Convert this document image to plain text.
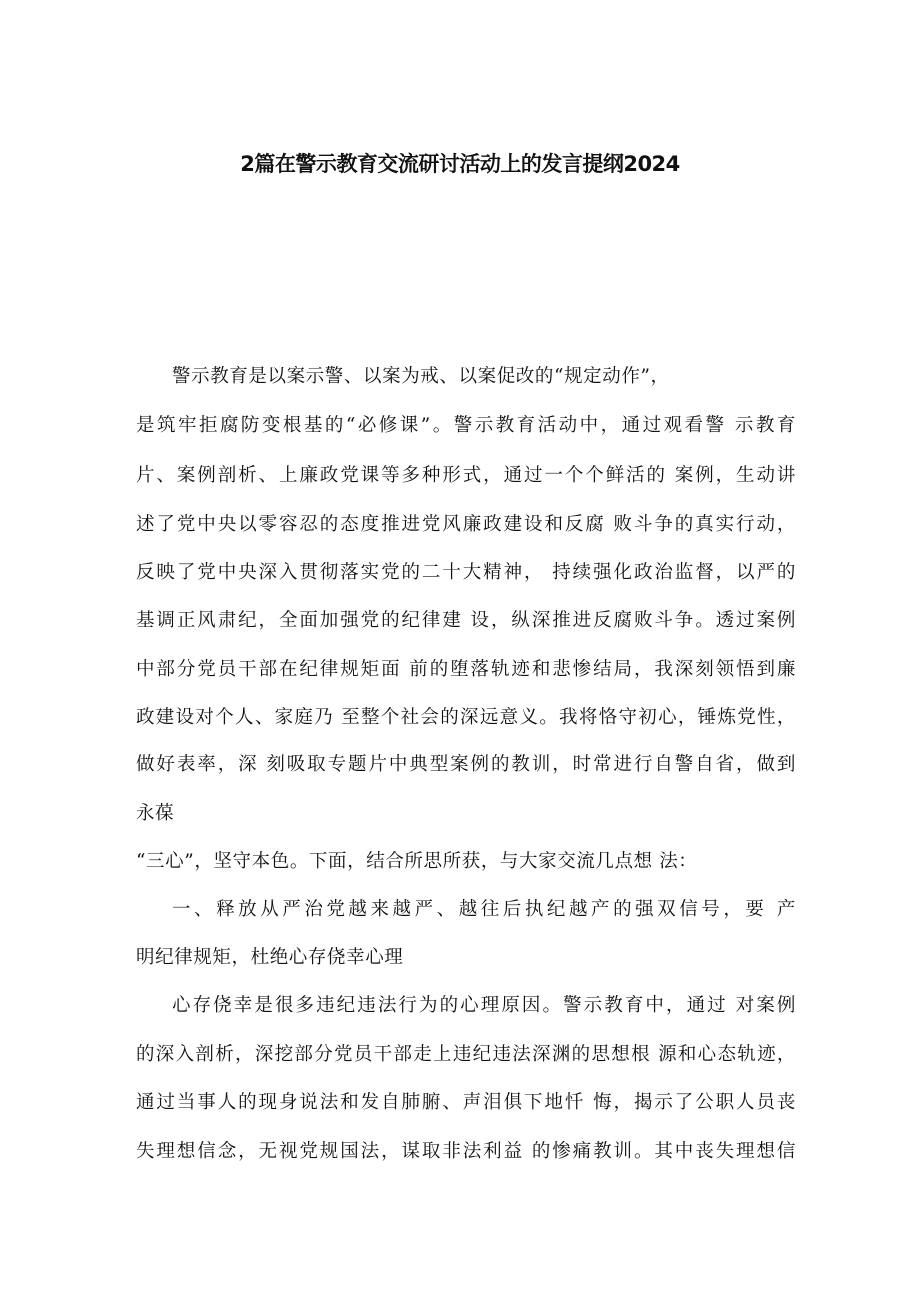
2篇在警示教育交流研讨活动上的发言提纲2024
警示教育是以案示警、以案为戒、以案促改的“规定动作”，
是筑牢拒腐防变根基的“必修课”。警示教育活动中，通过观看警 示教育
片、案例剖析、上廉政党课等多种形式，通过一个个鲜活的 案例，生动讲
述了党中央以零容忍的态度推进党风廉政建设和反腐 败斗争的真实行动，
反映了党中央深入贯彻落实党的二十大精神， 持续强化政治监督，以严的
基调正风肃纪，全面加强党的纪律建 设，纵深推进反腐败斗争。透过案例
中部分党员干部在纪律规矩面 前的堕落轨迹和悲惨结局，我深刻领悟到廉
政建设对个人、家庭乃 至整个社会的深远意义。我将恪守初心，锤炼党性，
做好表率，深 刻吸取专题片中典型案例的教训，时常进行自警自省，做到
永葆
“三心”，坚守本色。下面，结合所思所获，与大家交流几点想 法：
一、释放从严治党越来越严、越往后执纪越产的强双信号，要 产
明纪律规矩，杜绝心存侥幸心理
心存侥幸是很多违纪违法行为的心理原因。警示教育中，通过 对案例
的深入剖析，深挖部分党员干部走上违纪违法深渊的思想根 源和心态轨迹，
通过当事人的现身说法和发自肺腑、声泪俱下地忏 悔，揭示了公职人员丧
失理想信念，无视党规国法，谋取非法利益 的惨痛教训。其中丧失理想信
